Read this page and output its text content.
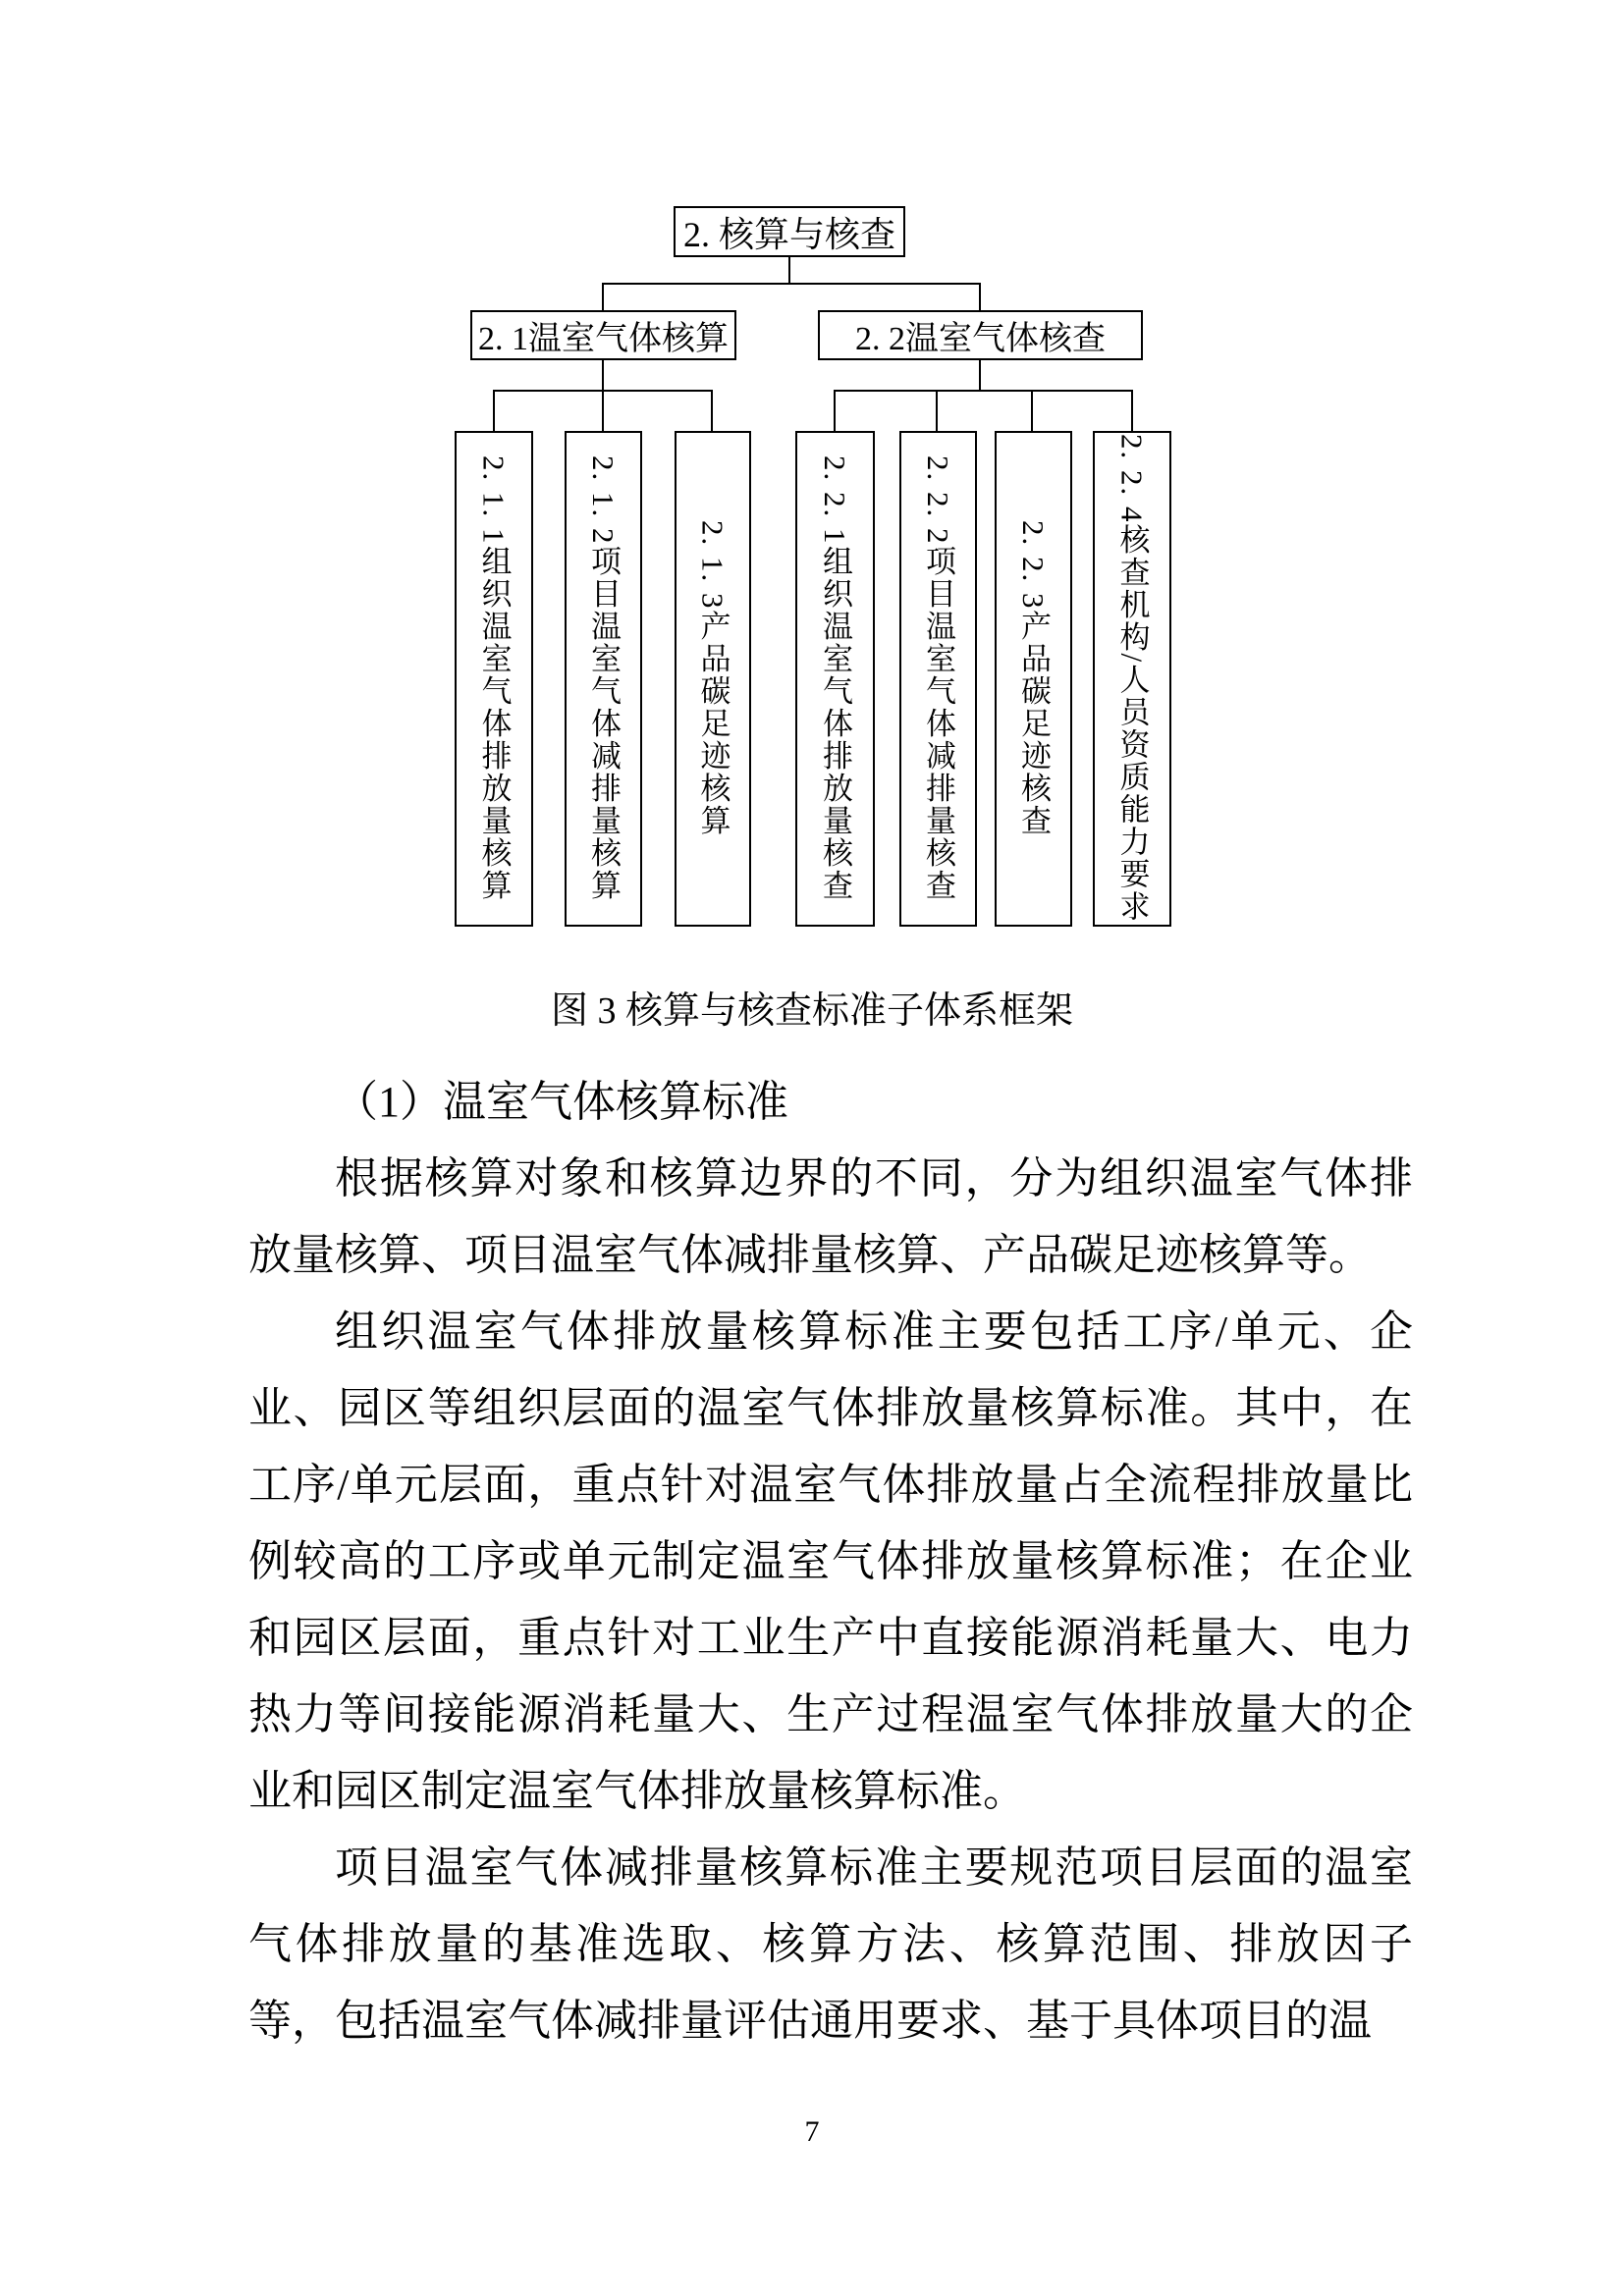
2. 核算与核查
2. 1温室气体核算	2. 2温室气体核查
2. 1. 1组织温室气体排放量核算 2. 1. 2项目温室气体减排量核算 2. 1. 3产品碳足迹核算	2. 2. 1组织温室气体排放量核查 2. 2. 2项目温室气体减排量核查 2. 2. 3产品碳足迹核查 2. 2. 4核查机构/人员资质能力要求
图 3 核算与核查标准子体系框架

（1）温室气体核算标准

根据核算对象和核算边界的不同，分为组织温室气体排放量核算、项目温室气体减排量核算、产品碳足迹核算等。

组织温室气体排放量核算标准主要包括工序/单元、企业、园区等组织层面的温室气体排放量核算标准。其中，在工序/单元层面，重点针对温室气体排放量占全流程排放量比例较高的工序或单元制定温室气体排放量核算标准；在企业和园区层面，重点针对工业生产中直接能源消耗量大、电力热力等间接能源消耗量大、生产过程温室气体排放量大的企业和园区制定温室气体排放量核算标准。

项目温室气体减排量核算标准主要规范项目层面的温室气体排放量的基准选取、核算方法、核算范围、排放因子等，包括温室气体减排量评估通用要求、基于具体项目的温

7
